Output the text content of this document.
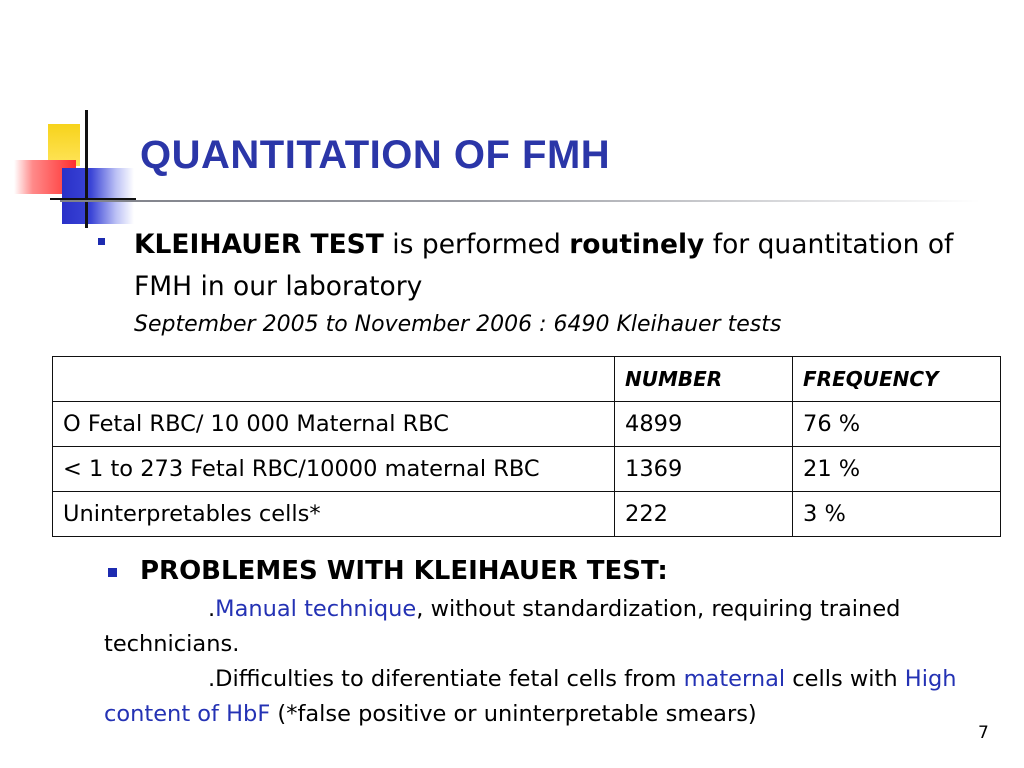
QUANTITATION OF FMH
KLEIHAUER TEST is performed routinely for quantitation of FMH in our laboratory
September 2005 to November 2006 : 6490 Kleihauer tests
	NUMBER	FREQUENCY
O Fetal RBC/ 10 000 Maternal RBC	4899	76 %
< 1 to 273 Fetal RBC/10000 maternal RBC	1369	21 %
Uninterpretables cells*	222	3 %
PROBLEMES WITH KLEIHAUER TEST:
.Manual technique, without standardization, requiring trained technicians.
.Difficulties to diferentiate fetal cells from maternal cells with High content of HbF (*false positive or uninterpretable smears)
7
